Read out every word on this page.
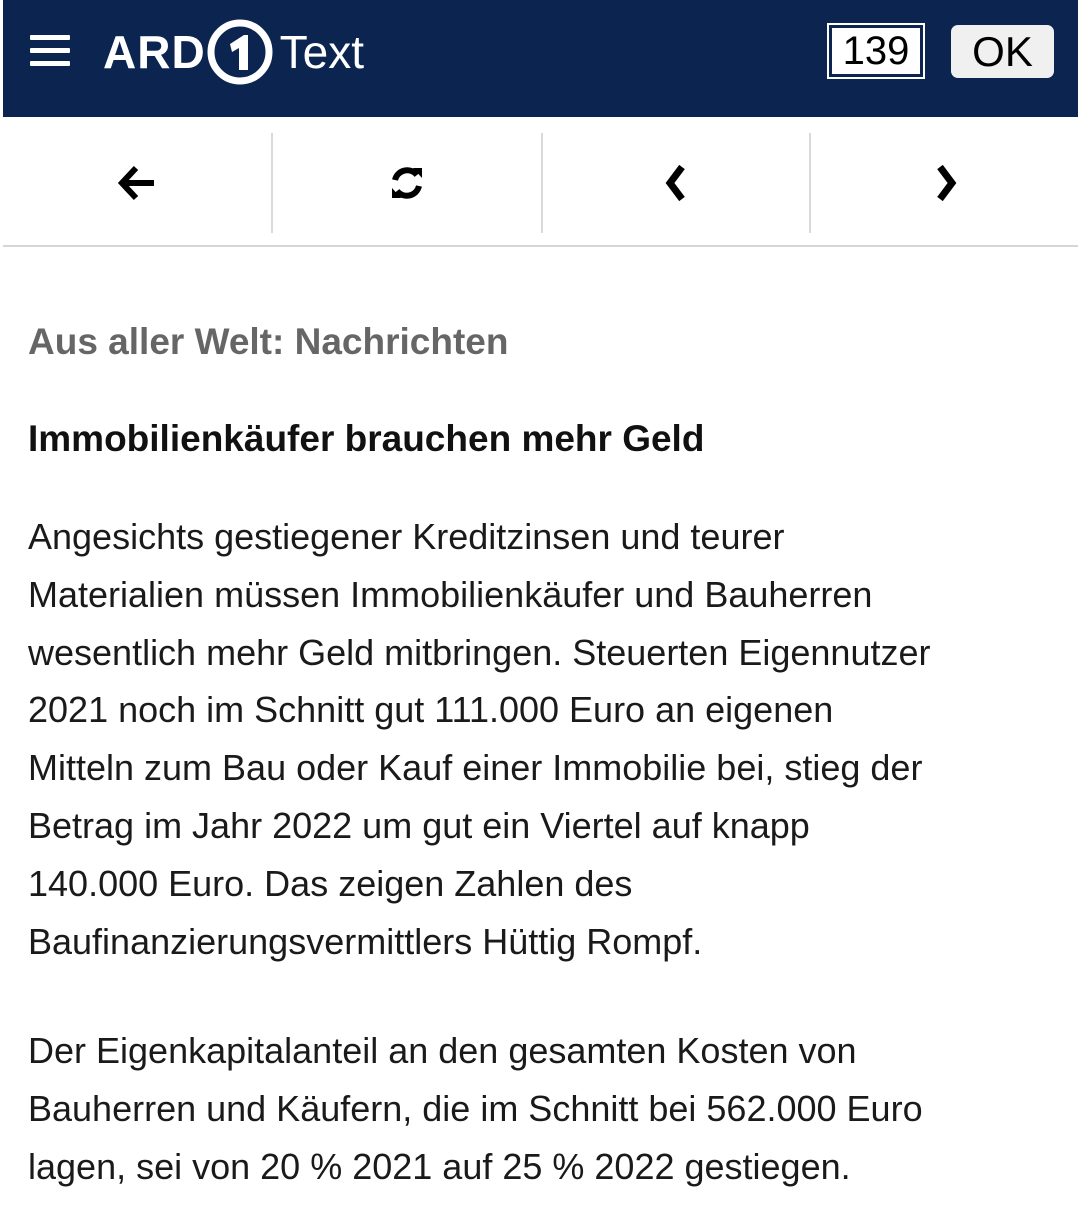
ARD Text
139	OK
Aus aller Welt: Nachrichten
Immobilienkäufer brauchen mehr Geld

Angesichts gestiegener Kreditzinsen und teurer
Materialien müssen Immobilienkäufer und Bauherren
wesentlich mehr Geld mitbringen. Steuerten Eigennutzer
2021 noch im Schnitt gut 111.000 Euro an eigenen
Mitteln zum Bau oder Kauf einer Immobilie bei, stieg der
Betrag im Jahr 2022 um gut ein Viertel auf knapp
140.000 Euro. Das zeigen Zahlen des
Baufinanzierungsvermittlers Hüttig Rompf.

Der Eigenkapitalanteil an den gesamten Kosten von
Bauherren und Käufern, die im Schnitt bei 562.000 Euro
lagen, sei von 20 % 2021 auf 25 % 2022 gestiegen.
